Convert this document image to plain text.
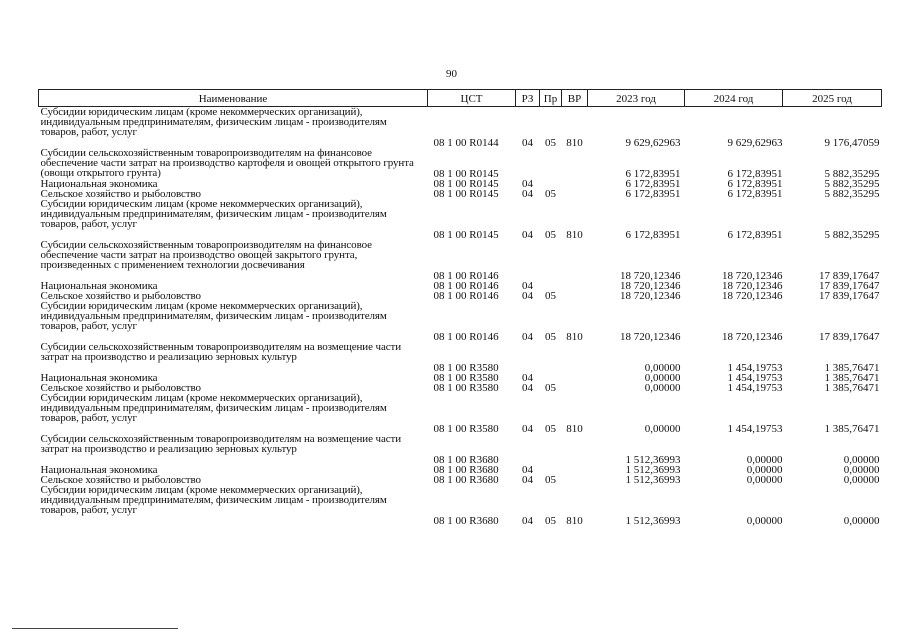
90
Наименование	ЦСТ	РЗ	Пр	ВР	2023 год	2024 год	2025 год
Субсидии юридическим лицам (кроме некоммерческих организаций), индивидуальным предпринимателям, физическим лицам - производителям товаров, работ, услуг	08 1 00 R0144	04	05	810	9 629,62963	9 629,62963	9 176,47059
Субсидии сельскохозяйственным товаропроизводителям на финансовое обеспечение части затрат на производство картофеля и овощей открытого грунта (овощи открытого грунта)	08 1 00 R0145				6 172,83951	6 172,83951	5 882,35295
Национальная экономика	08 1 00 R0145	04			6 172,83951	6 172,83951	5 882,35295
Сельское хозяйство и рыболовство	08 1 00 R0145	04	05		6 172,83951	6 172,83951	5 882,35295
Субсидии юридическим лицам (кроме некоммерческих организаций), индивидуальным предпринимателям, физическим лицам - производителям товаров, работ, услуг	08 1 00 R0145	04	05	810	6 172,83951	6 172,83951	5 882,35295
Субсидии сельскохозяйственным товаропроизводителям на финансовое обеспечение части затрат на производство овощей закрытого грунта, произведенных с применением технологии досвечивания	08 1 00 R0146				18 720,12346	18 720,12346	17 839,17647
Национальная экономика	08 1 00 R0146	04			18 720,12346	18 720,12346	17 839,17647
Сельское хозяйство и рыболовство	08 1 00 R0146	04	05		18 720,12346	18 720,12346	17 839,17647
Субсидии юридическим лицам (кроме некоммерческих организаций), индивидуальным предпринимателям, физическим лицам - производителям товаров, работ, услуг	08 1 00 R0146	04	05	810	18 720,12346	18 720,12346	17 839,17647
Субсидии сельскохозяйственным товаропроизводителям на возмещение части затрат на производство и реализацию зерновых культур	08 1 00 R3580				0,00000	1 454,19753	1 385,76471
Национальная экономика	08 1 00 R3580	04			0,00000	1 454,19753	1 385,76471
Сельское хозяйство и рыболовство	08 1 00 R3580	04	05		0,00000	1 454,19753	1 385,76471
Субсидии юридическим лицам (кроме некоммерческих организаций), индивидуальным предпринимателям, физическим лицам - производителям товаров, работ, услуг	08 1 00 R3580	04	05	810	0,00000	1 454,19753	1 385,76471
Субсидии сельскохозяйственным товаропроизводителям на возмещение части затрат на производство и реализацию зерновых культур	08 1 00 R3680				1 512,36993	0,00000	0,00000
Национальная экономика	08 1 00 R3680	04			1 512,36993	0,00000	0,00000
Сельское хозяйство и рыболовство	08 1 00 R3680	04	05		1 512,36993	0,00000	0,00000
Субсидии юридическим лицам (кроме некоммерческих организаций), индивидуальным предпринимателям, физическим лицам - производителям товаров, работ, услуг	08 1 00 R3680	04	05	810	1 512,36993	0,00000	0,00000
